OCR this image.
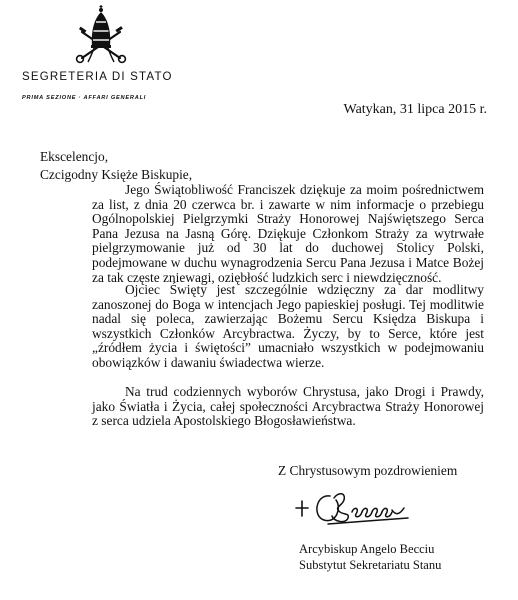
SEGRETERIA DI STATO
PRIMA SEZIONE · AFFARI GENERALI
Watykan, 31 lipca 2015 r.
Ekscelencjo,
Czcigodny Księże Biskupie,
Jego Świątobliwość Franciszek dziękuje za moim pośrednictwem za list, z dnia 20 czerwca br. i zawarte w nim informacje o przebiegu Ogólnopolskiej Pielgrzymki Straży Honorowej Najświętszego Serca Pana Jezusa na Jasną Górę. Dziękuje Członkom Straży za wytrwałe pielgrzymowanie już od 30 lat do duchowej Stolicy Polski, podejmowane w duchu wynagrodzenia Sercu Pana Jezusa i Matce Bożej za tak częste zniewagi, oziębłość ludzkich serc i niewdzięczność.
Ojciec Święty jest szczególnie wdzięczny za dar modlitwy zanoszonej do Boga w intencjach Jego papieskiej posługi. Tej modlitwie nadal się poleca, zawierzając Bożemu Sercu Księdza Biskupa i wszystkich Członków Arcybractwa. Życzy, by to Serce, które jest „źródłem życia i świętości” umacniało wszystkich w podejmowaniu obowiązków i dawaniu świadectwa wierze.
Na trud codziennych wyborów Chrystusa, jako Drogi i Prawdy, jako Światła i Życia, całej społeczności Arcybractwa Straży Honorowej z serca udziela Apostolskiego Błogosławieństwa.
Z Chrystusowym pozdrowieniem
Arcybiskup Angelo Becciu
Substytut Sekretariatu Stanu
